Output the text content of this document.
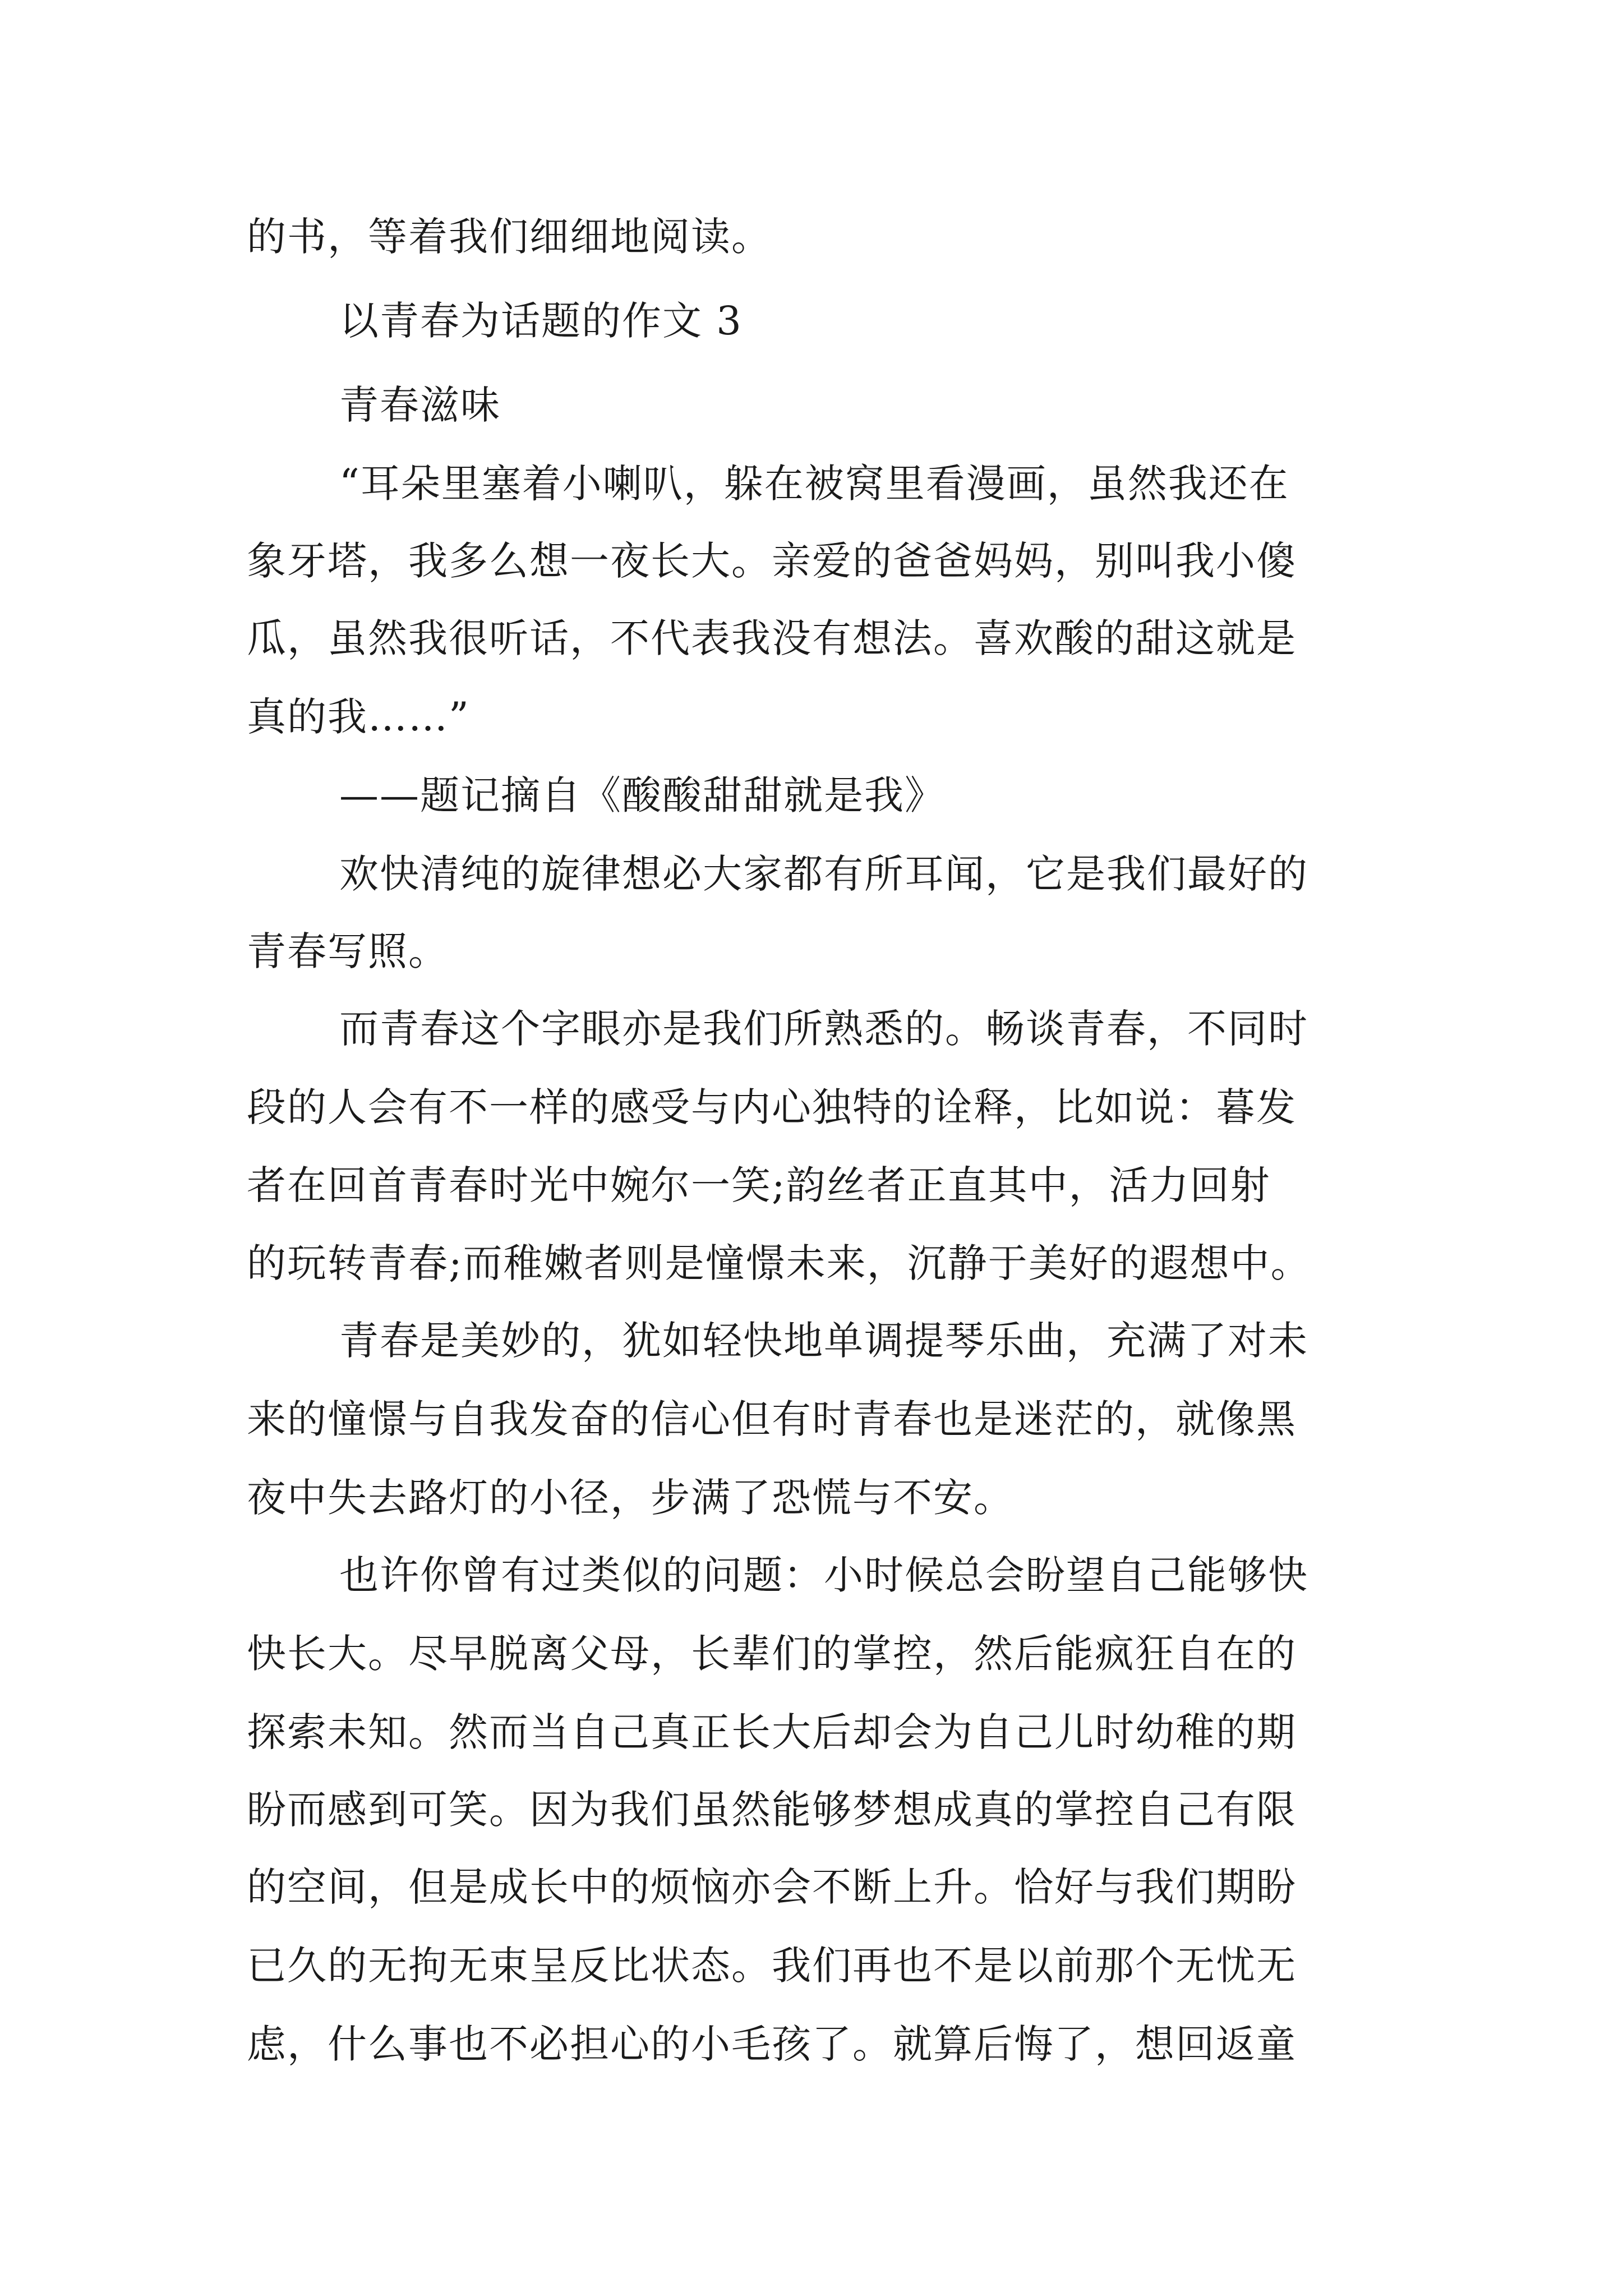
的书，等着我们细细地阅读。
以青春为话题的作文 3
青春滋味
“耳朵里塞着小喇叭，躲在被窝里看漫画，虽然我还在
象牙塔，我多么想一夜长大。亲爱的爸爸妈妈，别叫我小傻
瓜，虽然我很听话，不代表我没有想法。喜欢酸的甜这就是
真的我……”
——题记摘自《酸酸甜甜就是我》
欢快清纯的旋律想必大家都有所耳闻，它是我们最好的
青春写照。
而青春这个字眼亦是我们所熟悉的。畅谈青春，不同时
段的人会有不一样的感受与内心独特的诠释，比如说：暮发
者在回首青春时光中婉尔一笑;韵丝者正直其中，活力回射
的玩转青春;而稚嫩者则是憧憬未来，沉静于美好的遐想中。
青春是美妙的，犹如轻快地单调提琴乐曲，充满了对未
来的憧憬与自我发奋的信心但有时青春也是迷茫的，就像黑
夜中失去路灯的小径，步满了恐慌与不安。
也许你曾有过类似的问题：小时候总会盼望自己能够快
快长大。尽早脱离父母，长辈们的掌控，然后能疯狂自在的
探索未知。然而当自己真正长大后却会为自己儿时幼稚的期
盼而感到可笑。因为我们虽然能够梦想成真的掌控自己有限
的空间，但是成长中的烦恼亦会不断上升。恰好与我们期盼
已久的无拘无束呈反比状态。我们再也不是以前那个无忧无
虑，什么事也不必担心的小毛孩了。就算后悔了，想回返童
